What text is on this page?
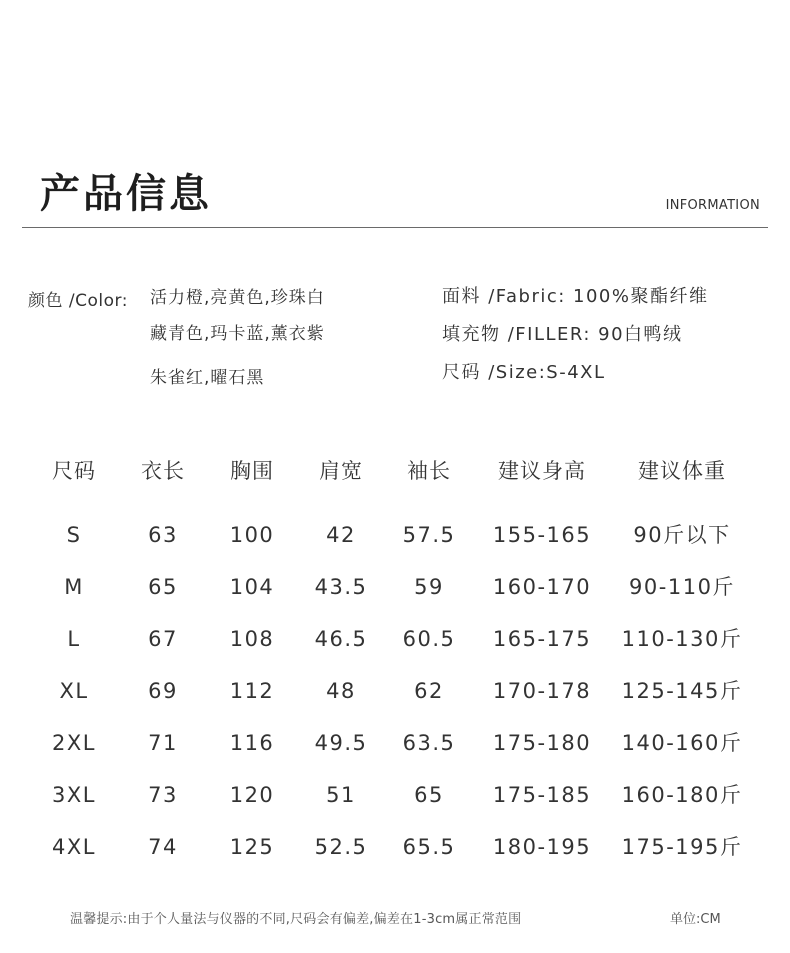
产品信息	INFORMATION
颜色 /Color:	活力橙,亮黄色,珍珠白
藏青色,玛卡蓝,薰衣紫
朱雀红,曜石黑
面料 /Fabric: 100%聚酯纤维
填充物 /FILLER: 90白鸭绒
尺码 /Size:S-4XL
尺码 衣长 胸围 肩宽 袖长 建议身高 建议体重
S	63 100 42 57.5 155-165 90斤以下
M	65 104 43.5 59 160-170 90-110斤
L	67 108 46.5 60.5 165-175 110-130斤
XL	69 112 48	62 170-178 125-145斤
2XL 71 116 49.5 63.5 175-180 140-160斤
3XL 73 120 51	65 175-185 160-180斤
4XL 74 125 52.5 65.5 180-195 175-195斤
温馨提示:由于个人量法与仪器的不同,尺码会有偏差,偏差在1-3cm属正常范围	单位:CM
